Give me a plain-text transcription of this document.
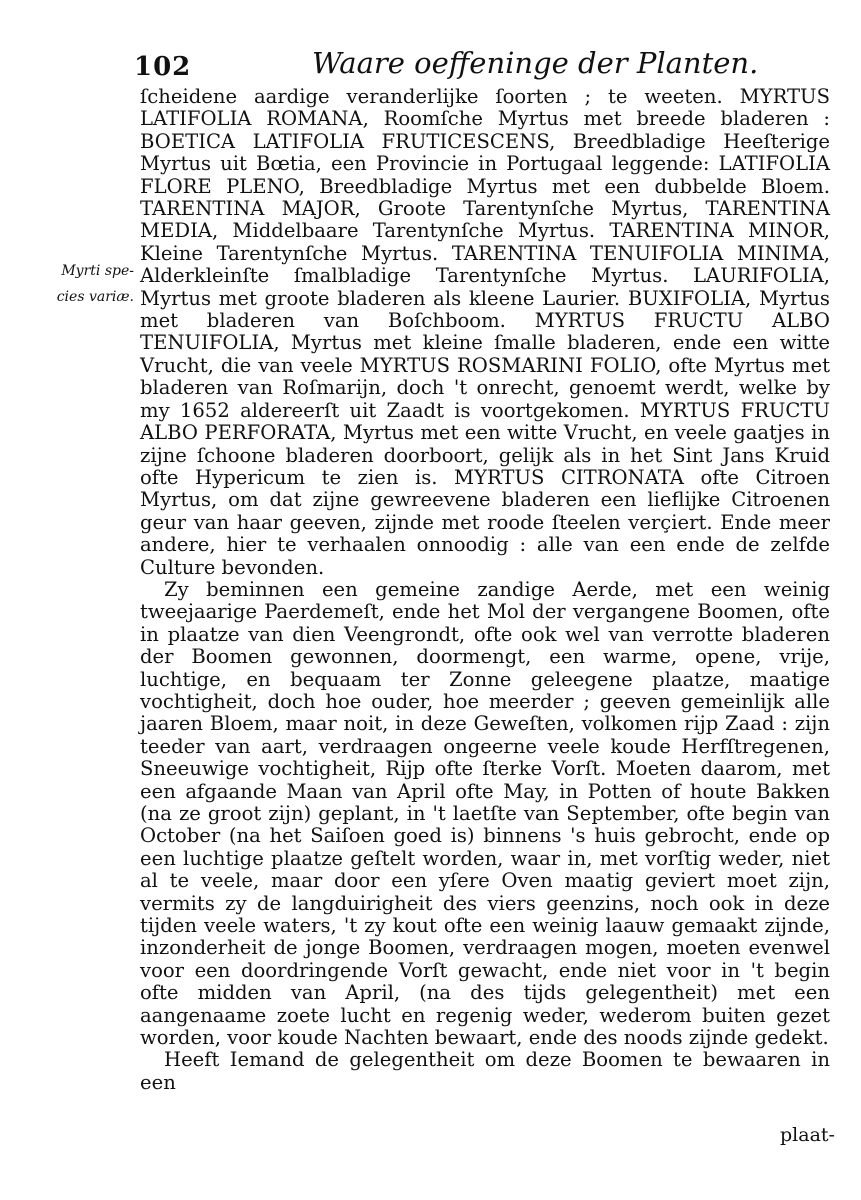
102	Waare oeffeninge der Planten.
Myrti spe-
cies variæ.

ſcheidene aardige veranderlijke ſoorten ; te weeten. MYRTUS LATIFOLIA ROMANA, Roomſche Myrtus met breede bladeren : BOETICA LATIFOLIA FRUTICESCENS, Breedbladige Heeſterige Myrtus uit Bœtia, een Provincie in Portugaal leggende: LATIFOLIA FLORE PLENO, Breedbladige Myrtus met een dubbelde Bloem. TARENTINA MAJOR, Groote Tarentynſche Myrtus, TARENTINA MEDIA, Middelbaare Tarentynſche Myrtus. TARENTINA MINOR, Kleine Tarentynſche Myrtus. TARENTINA TENUIFOLIA MINIMA, Alderkleinſte ſmalbladige Tarentynſche Myrtus. LAURIFOLIA, Myrtus met groote bladeren als kleene Laurier. BUXIFOLIA, Myrtus met bladeren van Boſchboom. MYRTUS FRUCTU ALBO TENUIFOLIA, Myrtus met kleine ſmalle bladeren, ende een witte Vrucht, die van veele MYRTUS ROSMARINI FOLIO, ofte Myrtus met bladeren van Roſmarijn, doch 't onrecht, genoemt werdt, welke by my 1652 aldereerſt uit Zaadt is voortgekomen. MYRTUS FRUCTU ALBO PERFORATA, Myrtus met een witte Vrucht, en veele gaatjes in zijne ſchoone bladeren doorboort, gelijk als in het Sint Jans Kruid ofte Hypericum te zien is. MYRTUS CITRONATA ofte Citroen Myrtus, om dat zijne gewreevene bladeren een lieflijke Citroenen geur van haar geeven, zijnde met roode ſteelen verçiert. Ende meer andere, hier te verhaalen onnoodig : alle van een ende de zelfde Culture bevonden.

Zy beminnen een gemeine zandige Aerde, met een weinig tweejaarige Paerdemeſt, ende het Mol der vergangene Boomen, ofte in plaatze van dien Veengrondt, ofte ook wel van verrotte bladeren der Boomen gewonnen, doormengt, een warme, opene, vrije, luchtige, en bequaam ter Zonne geleegene plaatze, maatige vochtigheit, doch hoe ouder, hoe meerder ; geeven gemeinlijk alle jaaren Bloem, maar noit, in deze Geweſten, volkomen rijp Zaad : zijn teeder van aart, verdraagen ongeerne veele koude Herfſtregenen, Sneeuwige vochtigheit, Rijp ofte ſterke Vorſt. Moeten daarom, met een afgaande Maan van April ofte May, in Potten of houte Bakken (na ze groot zijn) geplant, in 't laetſte van September, ofte begin van October (na het Saiſoen goed is) binnens 's huis gebrocht, ende op een luchtige plaatze geſtelt worden, waar in, met vorſtig weder, niet al te veele, maar door een yſere Oven maatig geviert moet zijn, vermits zy de langduirigheit des viers geenzins, noch ook in deze tijden veele waters, 't zy kout ofte een weinig laauw gemaakt zijnde, inzonderheit de jonge Boomen, verdraagen mogen, moeten evenwel voor een doordringende Vorſt gewacht, ende niet voor in 't begin ofte midden van April, (na des tijds gelegentheit) met een aangenaame zoete lucht en regenig weder, wederom buiten gezet worden, voor koude Nachten bewaart, ende des noods zijnde gedekt.

Heeft Iemand de gelegentheit om deze Boomen te bewaaren in een

plaat-
